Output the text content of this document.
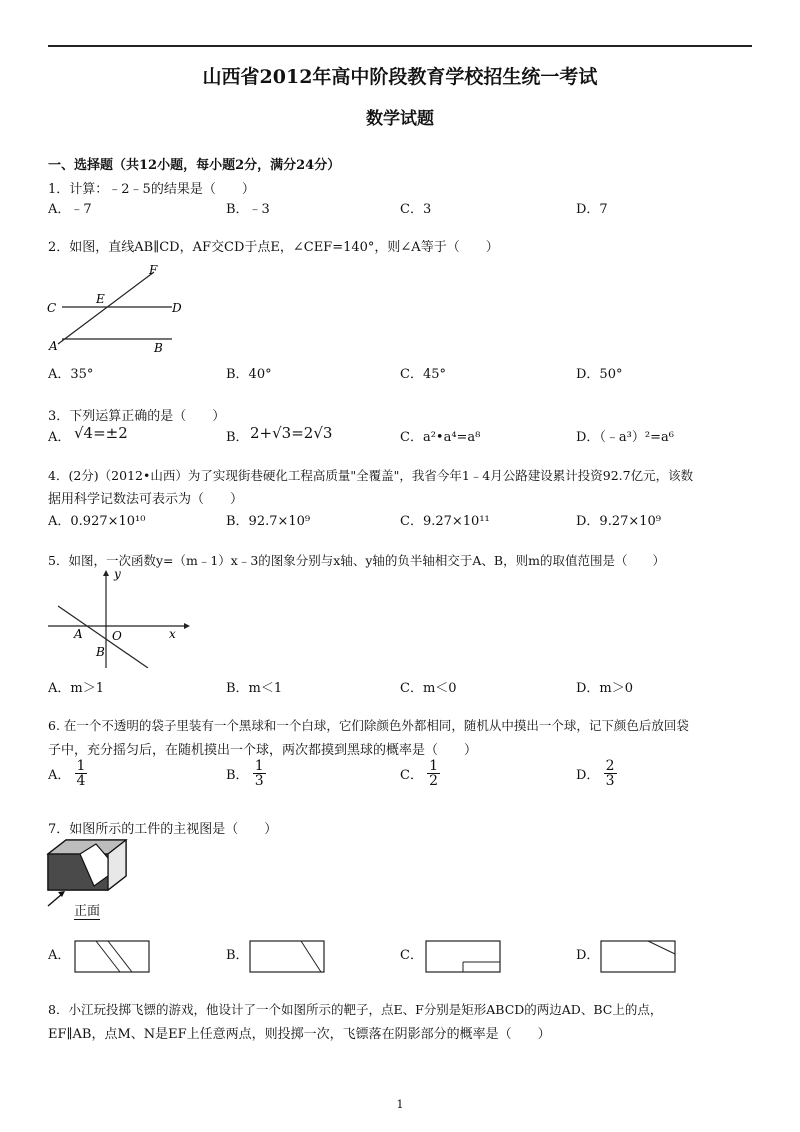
山西省2012年高中阶段教育学校招生统一考试
数学试题
一、选择题（共12小题，每小题2分，满分24分）
1．计算：﹣2﹣5的结果是（　　）
A．﹣7	B．﹣3	C．3	D．7
2．如图，直线AB∥CD，AF交CD于点E，∠CEF=140°，则∠A等于（　　）
F
E
C	D
A	B
A．35°	B．40°	C．45°	D．50°
3．下列运算正确的是（　　）
A． √4=±2	B． 2+√3=2√3	C．a²•a⁴=a⁸	D．（﹣a³）²=a⁶
4．(2分)（2012•山西）为了实现街巷硬化工程高质量"全覆盖"，我省今年1﹣4月公路建设累计投资92.7亿元，该数
据用科学记数法可表示为（　　）
A．0.927×10¹⁰	B．92.7×10⁹	C．9.27×10¹¹	D．9.27×10⁹
5．如图，一次函数y=（m﹣1）x﹣3的图象分别与x轴、y轴的负半轴相交于A、B，则m的取值范围是（　　）
y
x
A O
B
A．m＞1	B．m＜1	C．m＜0	D．m＞0
6. 在一个不透明的袋子里装有一个黑球和一个白球，它们除颜色外都相同，随机从中摸出一个球，记下颜色后放回袋
子中，充分摇匀后，在随机摸出一个球，两次都摸到黑球的概率是（　　）
A． $\frac{1}{4}$	B． $\frac{1}{3}$	C． $\frac{1}{2}$	D． $\frac{2}{3}$
7．如图所示的工件的主视图是（　　）
正面
A．	B．	C．	D．
8．小江玩投掷飞镖的游戏，他设计了一个如图所示的靶子，点E、F分别是矩形ABCD的两边AD、BC上的点，
EF∥AB，点M、N是EF上任意两点，则投掷一次，飞镖落在阴影部分的概率是（　　）
1
